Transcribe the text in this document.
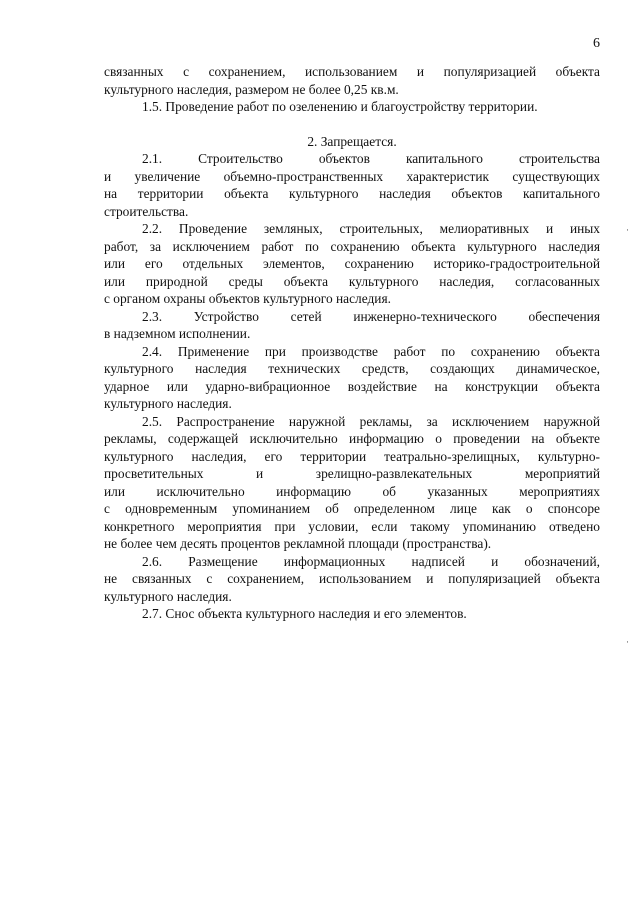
6
связанных с сохранением, использованием и популяризацией объекта
культурного наследия, размером не более 0,25 кв.м.
1.5. Проведение работ по озеленению и благоустройству территории.
2. Запрещается.
2.1. Строительство объектов капитального строительства
и увеличение объемно-пространственных характеристик существующих
на территории объекта культурного наследия объектов капитального
строительства.
2.2. Проведение земляных, строительных, мелиоративных и иных
работ, за исключением работ по сохранению объекта культурного наследия
или его отдельных элементов, сохранению историко-градостроительной
или природной среды объекта культурного наследия, согласованных
с органом охраны объектов культурного наследия.
2.3. Устройство сетей инженерно-технического обеспечения
в надземном исполнении.
2.4. Применение при производстве работ по сохранению объекта
культурного наследия технических средств, создающих динамическое,
ударное или ударно-вибрационное воздействие на конструкции объекта
культурного наследия.
2.5. Распространение наружной рекламы, за исключением наружной
рекламы, содержащей исключительно информацию о проведении на объекте
культурного наследия, его территории театрально-зрелищных, культурно-
просветительных и зрелищно-развлекательных мероприятий
или исключительно информацию об указанных мероприятиях
с одновременным упоминанием об определенном лице как о спонсоре
конкретного мероприятия при условии, если такому упоминанию отведено
не более чем десять процентов рекламной площади (пространства).
2.6. Размещение информационных надписей и обозначений,
не связанных с сохранением, использованием и популяризацией объекта
культурного наследия.
2.7. Снос объекта культурного наследия и его элементов.
·
·
